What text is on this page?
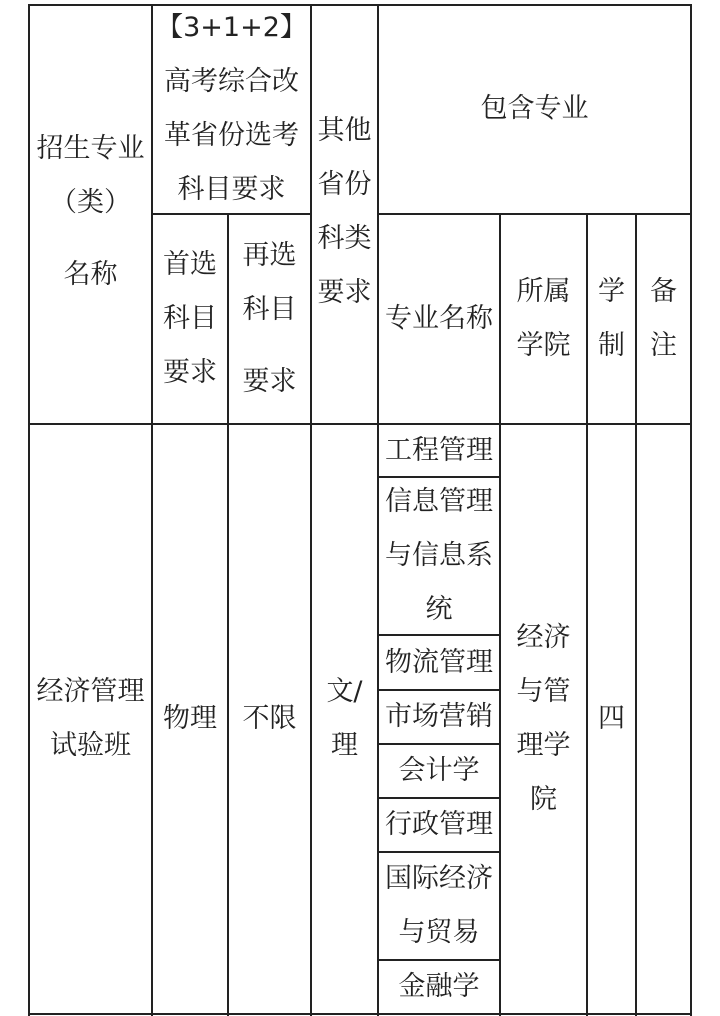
招生专业
（类）
名称
【3+1+2】
高考综合改
革省份选考
科目要求
首选
科目
要求
再选
科目
要求
其他
省份
科类
要求
包含专业
专业名称
所属
学院
学
制
备
注
经济管理
试验班
物理 不限
文/
理
工程管理
信息管理
与信息系
统
物流管理
市场营销
会计学
行政管理
国际经济
与贸易
金融学
经济
与管
理学
院
四
